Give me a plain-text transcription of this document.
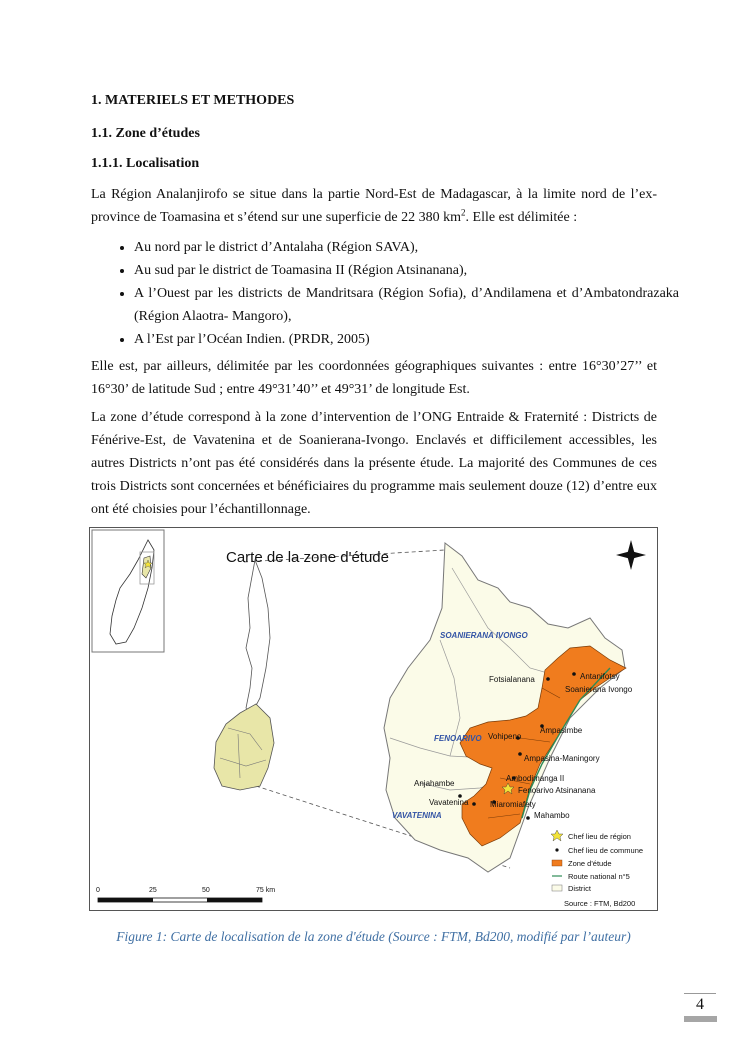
1. MATERIELS ET METHODES
1.1. Zone d’études
1.1.1. Localisation
La Région Analanjirofo se situe dans la partie Nord-Est de Madagascar, à la limite nord de l’ex-province de Toamasina et s’étend sur une superficie de 22 380 $km^2$. Elle est délimitée :
• Au nord par le district d’Antalaha (Région SAVA),
• Au sud par le district de Toamasina II (Région Atsinanana),
• A l’Ouest par les districts de Mandritsara (Région Sofia), d’Andilamena et d’Ambatondrazaka (Région Alaotra- Mangoro),
• A l’Est par l’Océan Indien. (PRDR, 2005)
Elle est, par ailleurs, délimitée par les coordonnées géographiques suivantes : entre 16°30’27’’ et 16°30’ de latitude Sud ; entre 49°31’40’’ et 49°31’ de longitude Est.
La zone d’étude correspond à la zone d’intervention de l’ONG Entraide & Fraternité : Districts de Fénérive-Est, de Vavatenina et de Soanierana-Ivongo. Enclavés et difficilement accessibles, les autres Districts n’ont pas été considérés dans la présente étude. La majorité des Communes de ces trois Districts sont concernées et bénéficiaires du programme mais seulement douze (12) d’entre eux ont été choisies pour l’échantillonnage.
Carte de la zone d'étude
SOANIERANA IVONGO
FENOARIVO
VAVATENINA
Fotsialanana	Antanifotsy
Soanierana Ivongo
Vohipeno
Ampasimbe
Ampasina-Maningory
Anjahambe
Ambodimanga II
Fenoarivo Atsinanana
Vavatenina	Miaromiafety
Mahambo
Chef lieu de région
Chef lieu de commune
Zone d'étude
Route national n°5
District
0	25	50	75 km
Source : FTM, Bd200
Figure 1: Carte de localisation de la zone d'étude (Source : FTM, Bd200, modifié par l’auteur)
4
